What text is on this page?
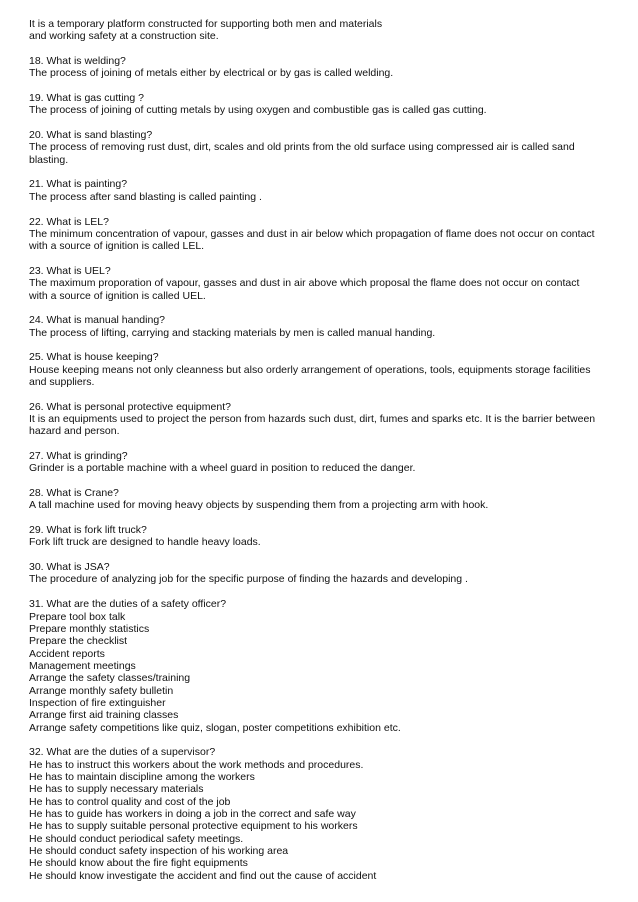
It is a temporary platform constructed for supporting both men and materials

and working safety at a construction site.

18. What is welding?

The process of joining of metals either by electrical or by gas is called welding.

19. What is gas cutting ?

The process of joining of cutting metals by using oxygen and combustible gas is called gas cutting.

20. What is sand blasting?

The process of removing rust dust, dirt, scales and old prints from the old surface using compressed air is called sand blasting.

21. What is painting?

The process after sand blasting is called painting .

22. What is LEL?

The minimum concentration of vapour, gasses and dust in air below which propagation of flame does not occur on contact with a source of ignition is called LEL.

23. What is UEL?

The maximum proporation of vapour, gasses and dust in air above which proposal the flame does not occur on contact with a source of ignition is called UEL.

24. What is manual handing?

The process of lifting, carrying and stacking materials by men is called manual handing.

25. What is house keeping?

House keeping means not only cleanness but also orderly arrangement of operations, tools, equipments storage facilities and suppliers.

26. What is personal protective equipment?

It is an equipments used to project the person from hazards such dust, dirt, fumes and sparks etc. It is the barrier between hazard and person.

27. What is grinding?

Grinder is a portable machine with a wheel guard in position to reduced the danger.

28. What is Crane?

A tall machine used for moving heavy objects by suspending them from a projecting arm with hook.

29. What is fork lift truck?

Fork lift truck are designed to handle heavy loads.

30. What is JSA?

The procedure of analyzing job for the specific purpose of finding the hazards and developing .

31. What are the duties of a safety officer?

Prepare tool box talk

Prepare monthly statistics

Prepare the checklist

Accident reports

Management meetings

Arrange the safety classes/training

Arrange monthly safety bulletin

Inspection of fire extinguisher

Arrange first aid training classes

Arrange safety competitions like quiz, slogan, poster competitions exhibition etc.

32. What are the duties of a supervisor?

He has to instruct this workers about the work methods and procedures.

He has to maintain discipline among the workers

He has to supply necessary materials

He has to control quality and cost of the job

He has to guide has workers in doing a job in the correct and safe way

He has to supply suitable personal protective equipment to his workers

He should conduct periodical safety meetings.

He should conduct safety inspection of his working area

He should know about the fire fight equipments

He should know investigate the accident and find out the cause of accident
